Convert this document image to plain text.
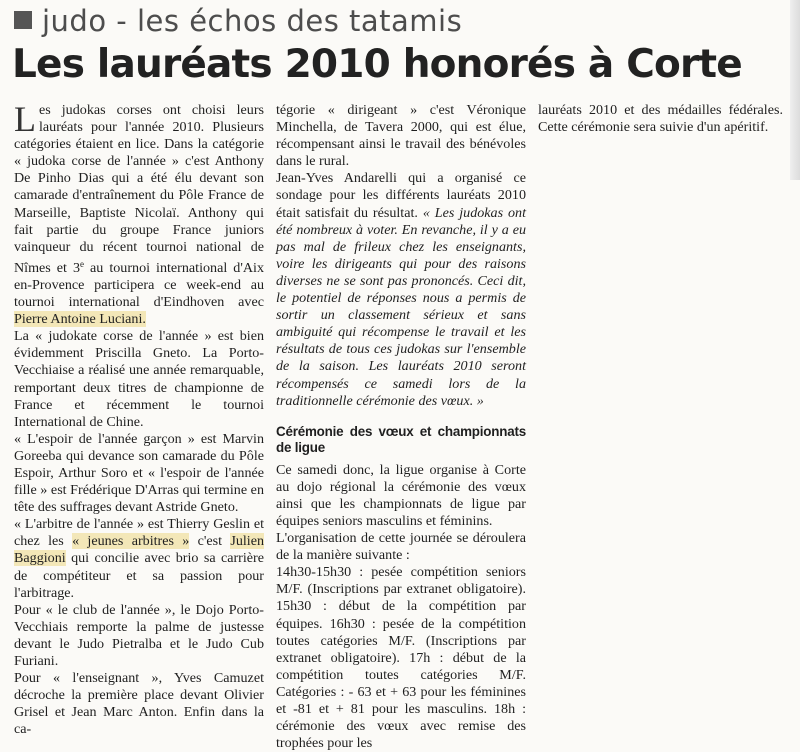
judo - les échos des tatamis
Les lauréats 2010 honorés à Corte

Les judokas corses ont choisi leurs lauréats pour l'année 2010. Plusieurs catégories étaient en lice. Dans la catégorie « judoka corse de l'année » c'est Anthony De Pinho Dias qui a été élu devant son camarade d'entraînement du Pôle France de Marseille, Baptiste Nicolaï. Anthony qui fait partie du groupe France juniors vainqueur du récent tournoi national de Nîmes et 3e au tournoi international d'Aix en-Provence participera ce week-end au tournoi international d'Eindhoven avec Pierre Antoine Luciani.

La « judokate corse de l'année » est bien évidemment Priscilla Gneto. La Porto-Vecchiaise a réalisé une année remarquable, remportant deux titres de championne de France et récemment le tournoi International de Chine.

« L'espoir de l'année garçon » est Marvin Goreeba qui devance son camarade du Pôle Espoir, Arthur Soro et « l'espoir de l'année fille » est Frédérique D'Arras qui termine en tête des suffrages devant Astride Gneto.

« L'arbitre de l'année » est Thierry Geslin et chez les « jeunes arbitres » c'est Julien Baggioni qui concilie avec brio sa carrière de compétiteur et sa passion pour l'arbitrage.

Pour « le club de l'année », le Dojo Porto-Vecchiais remporte la palme de justesse devant le Judo Pietralba et le Judo Cub Furiani.

Pour « l'enseignant », Yves Camuzet décroche la première place devant Olivier Grisel et Jean Marc Anton. Enfin dans la ca-

tégorie « dirigeant » c'est Véronique Minchella, de Tavera 2000, qui est élue, récompensant ainsi le travail des bénévoles dans le rural.

Jean-Yves Andarelli qui a organisé ce sondage pour les différents lauréats 2010 était satisfait du résultat. « Les judokas ont été nombreux à voter. En revanche, il y a eu pas mal de frileux chez les enseignants, voire les dirigeants qui pour des raisons diverses ne se sont pas prononcés. Ceci dit, le potentiel de réponses nous a permis de sortir un classement sérieux et sans ambiguité qui récompense le travail et les résultats de tous ces judokas sur l'ensemble de la saison. Les lauréats 2010 seront récompensés ce samedi lors de la traditionnelle cérémonie des vœux. »

Cérémonie des vœux et championnats de ligue

Ce samedi donc, la ligue organise à Corte au dojo régional la cérémonie des vœux ainsi que les championnats de ligue par équipes seniors masculins et féminins.

L'organisation de cette journée se déroulera de la manière suivante :

14h30-15h30 : pesée compétition seniors M/F. (Inscriptions par extranet obligatoire). 15h30 : début de la compétition par équipes. 16h30 : pesée de la compétition toutes catégories M/F. (Inscriptions par extranet obligatoire). 17h : début de la compétition toutes catégories M/F. Catégories : - 63 et + 63 pour les féminines et -81 et + 81 pour les masculins. 18h : cérémonie des vœux avec remise des trophées pour les

lauréats 2010 et des médailles fédérales. Cette cérémonie sera suivie d'un apéritif.
